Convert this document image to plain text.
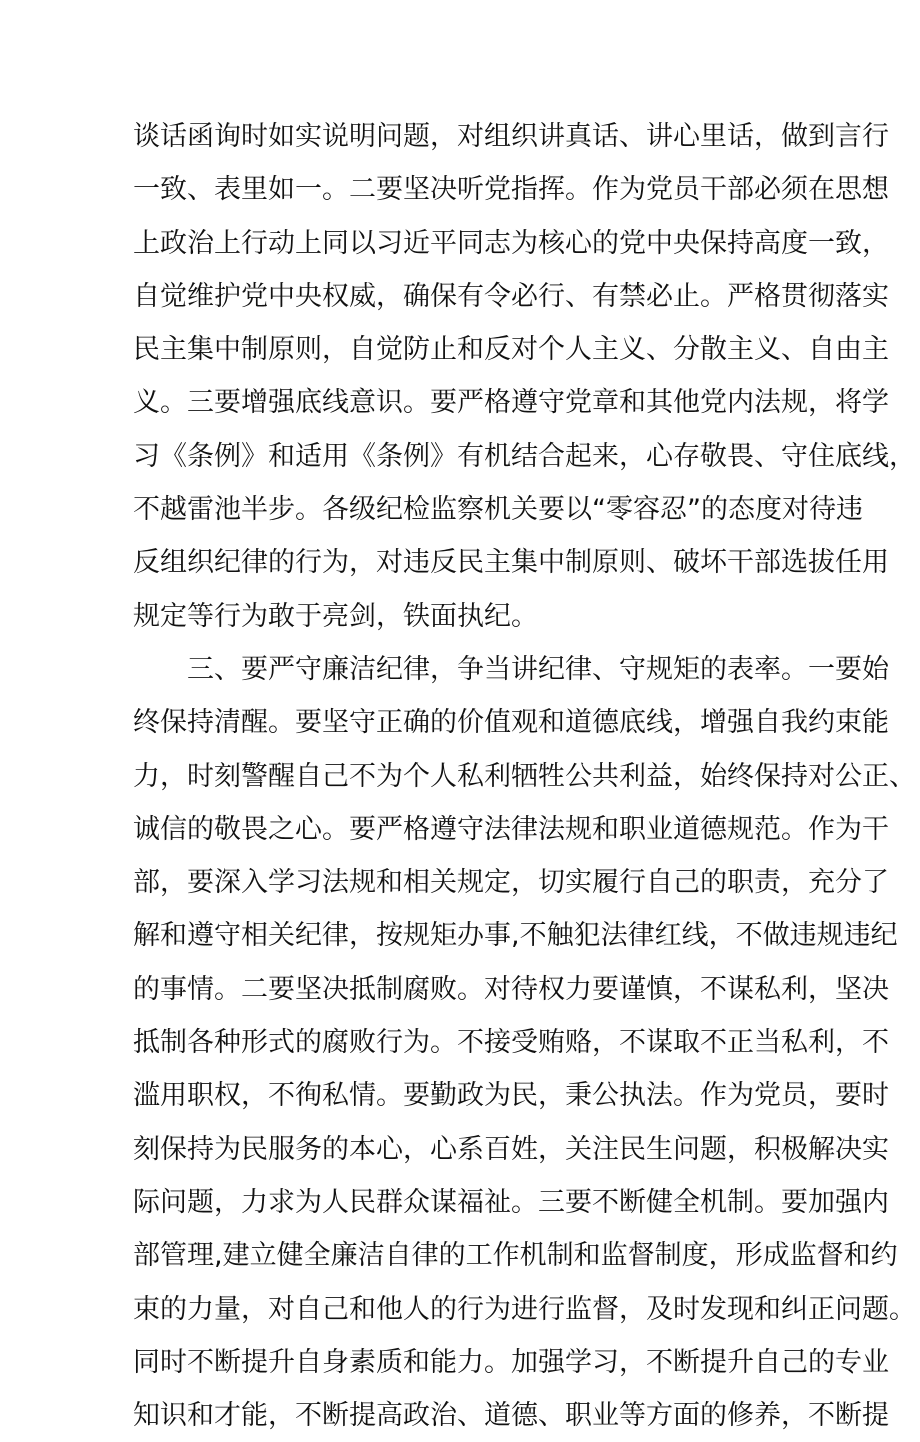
谈话函询时如实说明问题，对组织讲真话、讲心里话，做到言行
一致、表里如一。二要坚决听党指挥。作为党员干部必须在思想
上政治上行动上同以习近平同志为核心的党中央保持高度一致，
自觉维护党中央权威，确保有令必行、有禁必止。严格贯彻落实
民主集中制原则，自觉防止和反对个人主义、分散主义、自由主
义。三要增强底线意识。要严格遵守党章和其他党内法规，将学
习《条例》和适用《条例》有机结合起来，心存敬畏、守住底线，
不越雷池半步。各级纪检监察机关要以“零容忍”的态度对待违
反组织纪律的行为，对违反民主集中制原则、破坏干部选拔任用
规定等行为敢于亮剑，铁面执纪。
三、要严守廉洁纪律，争当讲纪律、守规矩的表率。一要始
终保持清醒。要坚守正确的价值观和道德底线，增强自我约束能
力，时刻警醒自己不为个人私利牺牲公共利益，始终保持对公正、
诚信的敬畏之心。要严格遵守法律法规和职业道德规范。作为干
部，要深入学习法规和相关规定，切实履行自己的职责，充分了
解和遵守相关纪律，按规矩办事,不触犯法律红线，不做违规违纪
的事情。二要坚决抵制腐败。对待权力要谨慎，不谋私利，坚决
抵制各种形式的腐败行为。不接受贿赂，不谋取不正当私利，不
滥用职权，不徇私情。要勤政为民，秉公执法。作为党员，要时
刻保持为民服务的本心，心系百姓，关注民生问题，积极解决实
际问题，力求为人民群众谋福祉。三要不断健全机制。要加强内
部管理,建立健全廉洁自律的工作机制和监督制度，形成监督和约
束的力量，对自己和他人的行为进行监督，及时发现和纠正问题。
同时不断提升自身素质和能力。加强学习，不断提升自己的专业
知识和才能，不断提高政治、道德、职业等方面的修养，不断提
